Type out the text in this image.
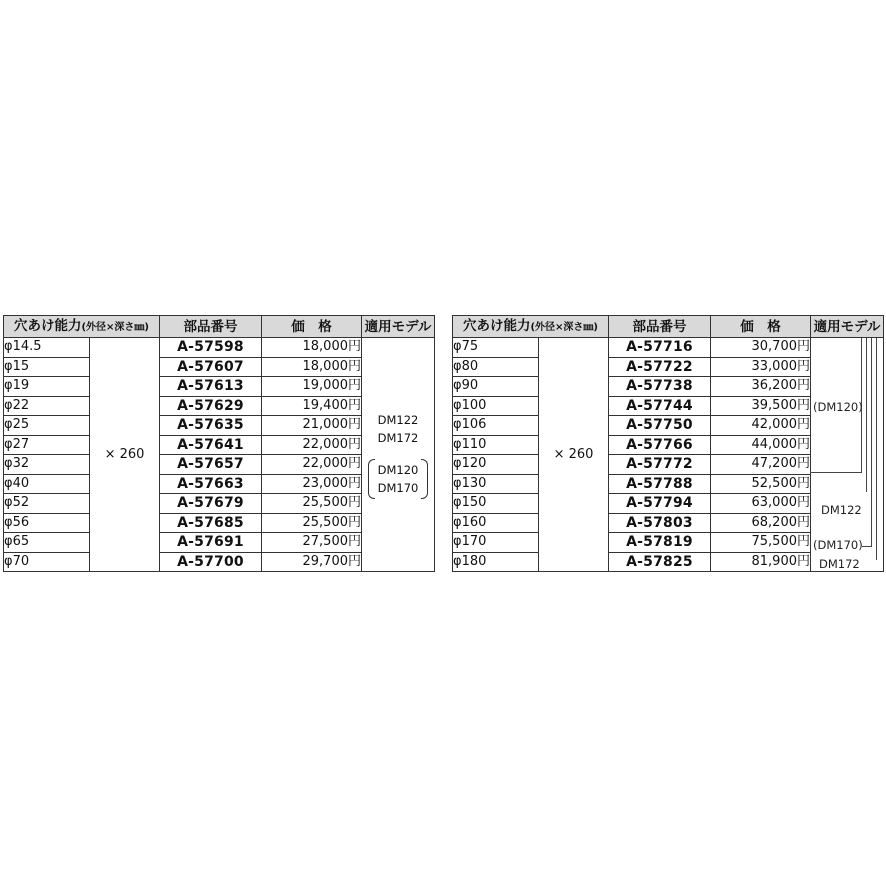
穴あけ能力(外径×深さ㎜)		部品番号	価　格	適用モデル
φ14.5	× 260	A-57598	18,000円	DM122
DM172
DM120
DM170

φ15		A-57607	18,000円	
φ19		A-57613	19,000円	
φ22		A-57629	19,400円	
φ25		A-57635	21,000円	
φ27		A-57641	22,000円	
φ32		A-57657	22,000円	
φ40		A-57663	23,000円	
φ52		A-57679	25,500円	
φ56		A-57685	25,500円	
φ65		A-57691	27,500円	
φ70		A-57700	29,700円	
穴あけ能力(外径×深さ㎜)		部品番号	価　格	適用モデル
φ75	× 260	A-57716	30,700円	
φ80		A-57722	33,000円	
φ90		A-57738	36,200円	
φ100		A-57744	39,500円	
φ106		A-57750	42,000円	
φ110		A-57766	44,000円	
φ120		A-57772	47,200円	
φ130		A-57788	52,500円	
φ150		A-57794	63,000円	
φ160		A-57803	68,200円	
φ170		A-57819	75,500円	
φ180		A-57825	81,900円	
(DM120)
DM122
(DM170)
DM172
